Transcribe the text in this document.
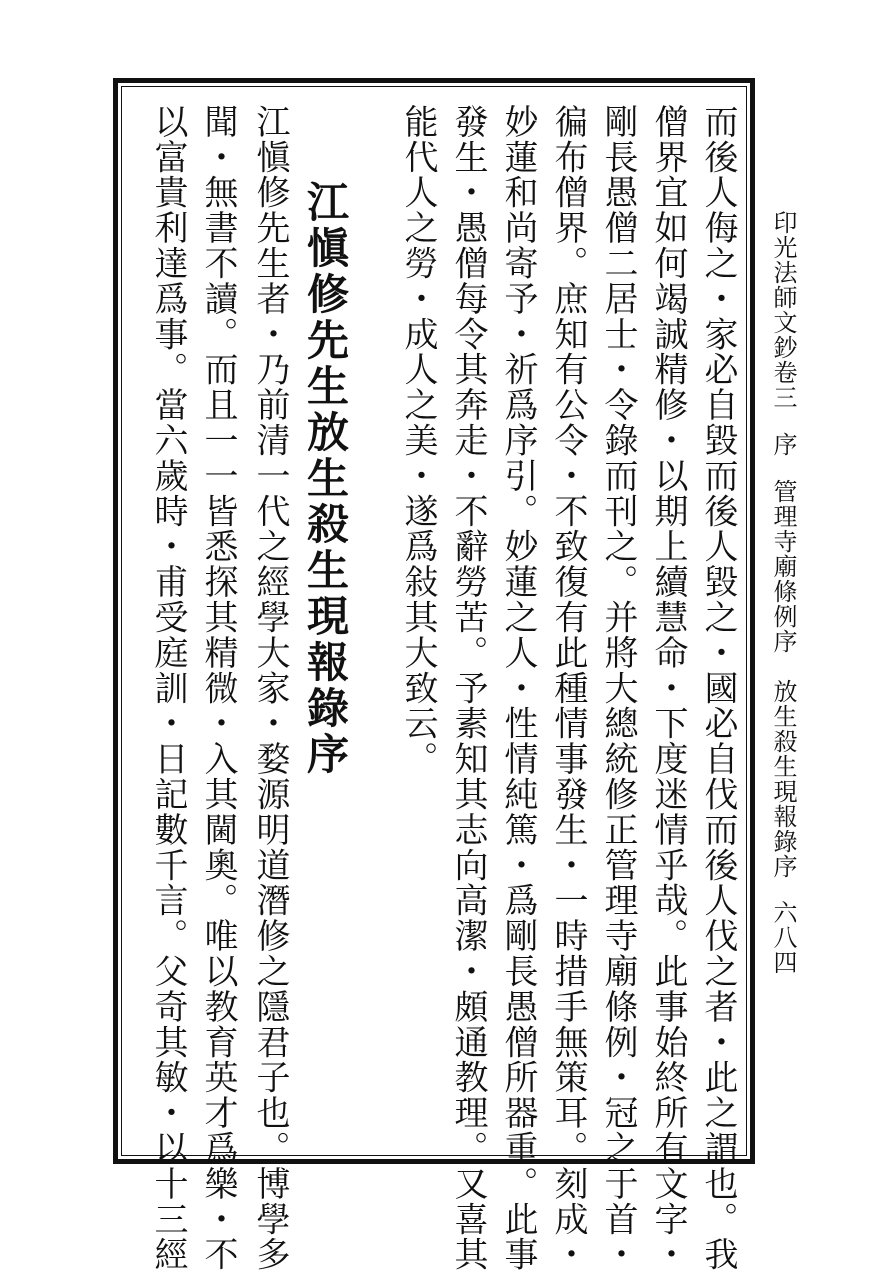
印光法師文鈔卷三序管理寺廟條例序　放生殺生現報錄序
六八四
而後人侮之・家必自毀而後人毀之・國必自伐而後人伐之者・此之謂也。我
僧界宜如何竭誠精修・以期上續慧命・下度迷情乎哉。此事始終所有文字・
剛長愚僧二居士・令錄而刊之。并將大總統修正管理寺廟條例・冠之于首・
徧布僧界。庶知有公令・不致復有此種情事發生・一時措手無策耳。刻成・
妙蓮和尚寄予・祈爲序引。妙蓮之人・性情純篤・爲剛長愚僧所器重。此事
發生・愚僧每令其奔走・不辭勞苦。予素知其志向高潔・頗通教理。又喜其
能代人之勞・成人之美・遂爲敍其大致云。
江愼修先生放生殺生現報錄序
江愼修先生者・乃前清一代之經學大家・婺源明道潛修之隱君子也。博學多
聞・無書不讀。而且一一皆悉探其精微・入其閫奧。唯以教育英才爲樂・不
以富貴利達爲事。當六歲時・甫受庭訓・日記數千言。父奇其敏・以十三經
